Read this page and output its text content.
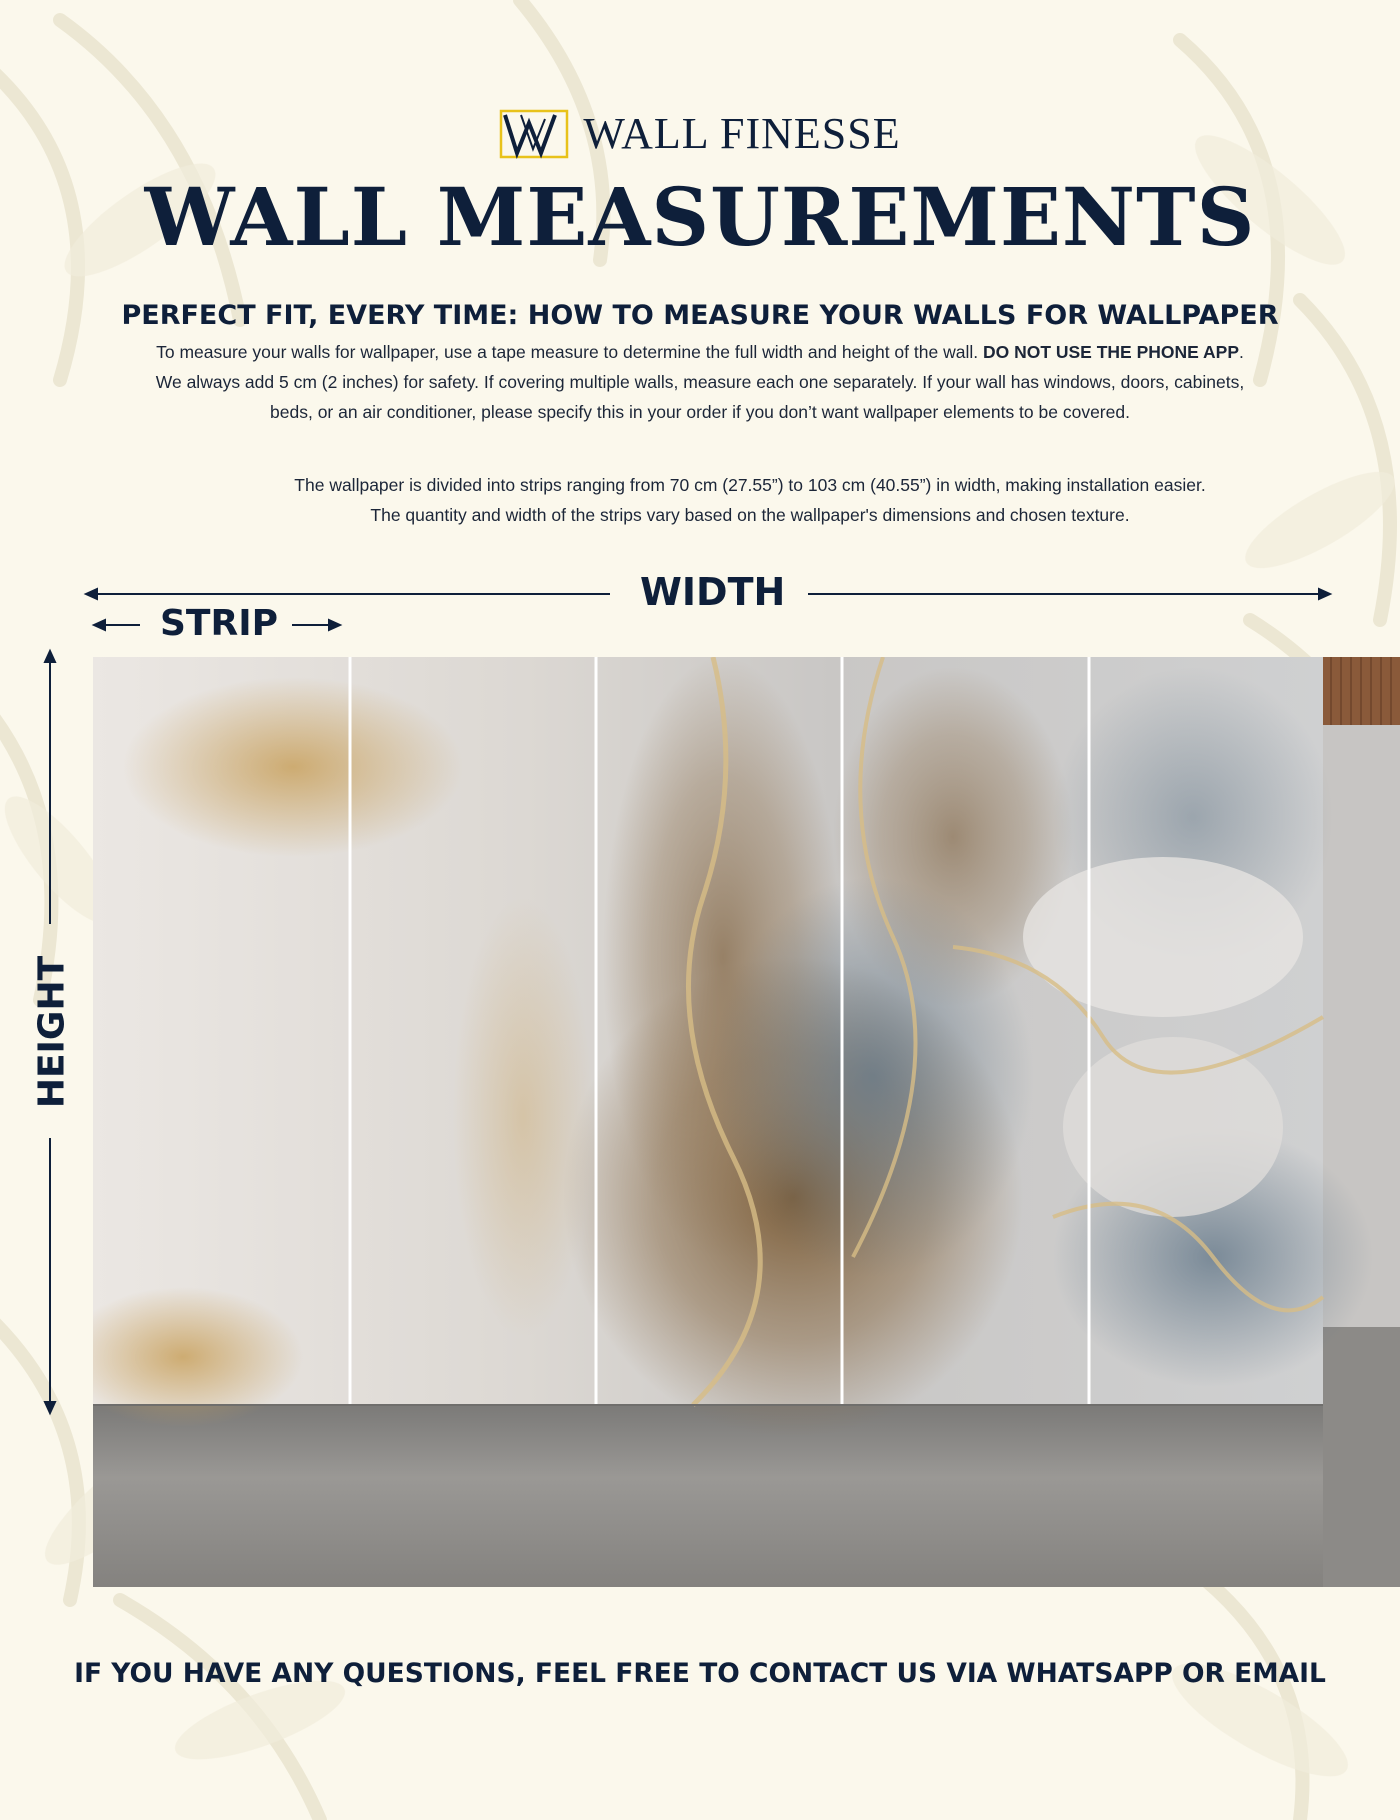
WALL FINESSE
WALL MEASUREMENTS
PERFECT FIT, EVERY TIME: HOW TO MEASURE YOUR WALLS FOR WALLPAPER
To measure your walls for wallpaper, use a tape measure to determine the full width and height of the wall. DO NOT USE THE PHONE APP.
We always add 5 cm (2 inches) for safety. If covering multiple walls, measure each one separately. If your wall has windows, doors, cabinets,
beds, or an air conditioner, please specify this in your order if you don’t want wallpaper elements to be covered.
The wallpaper is divided into strips ranging from 70 cm (27.55”) to 103 cm (40.55”) in width, making installation easier.
The quantity and width of the strips vary based on the wallpaper's dimensions and chosen texture.
WIDTH
STRIP
HEIGHT
IF YOU HAVE ANY QUESTIONS, FEEL FREE TO CONTACT US VIA WHATSAPP OR EMAIL
